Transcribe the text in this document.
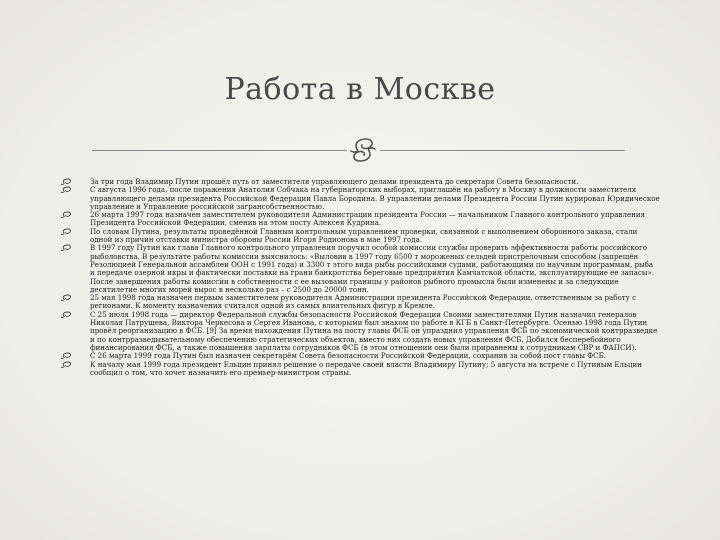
Работа в Москве
За три года Владимир Путин прошёл путь от заместителя управляющего делами президента до секретаря Совета безопасности.
С августа 1996 года, после поражения Анатолия Собчака на губернаторских выборах, приглашён на работу в Москву в должности заместителя управляющего делами президента Российской Федерации Павла Бородина. В управлении делами Президента России Путин курировал Юридическое управление и Управление российской загрансобственностью.
26 марта 1997 года назначен заместителем руководителя Администрации президента России — начальником Главного контрольного управления Президента Российской Федерации, сменив на этом посту Алексея Кудрина.
По словам Путина, результаты проведённой Главным контрольным управлением проверки, связанной с выполнением оборонного заказа, стали одной из причин отставки министра обороны России Игоря Родионова в мае 1997 года.
В 1997 году Путин как глава Главного контрольного управления поручил особой комиссии службы проверить эффективности работы российского рыболовства. В результате работы комиссии выяснилось: «Выловив в 1997 году 6500 т мороженых сельдей пристрелочным способом (запрещён Резолюцией Генеральной ассамблеи ООН с 1991 года) и 3300 т этого вида рыбы российскими судами, работающими по научным программам, рыба и передаче озерной икры и фактически поставки на грани банкротства береговые предприятия Камчатской области, эксплуатирующие ее запасы». После завершения работы комиссии в собственности с ее вызовами границы у районов рыбного промысла были изменены и за следующие десятилетие многих морей вырос в несколько раз – с 2500 до 20000 тонн.
25 мая 1998 года назначен первым заместителем руководителя Администрации президента Российской Федерации, ответственным за работу с регионами. К моменту назначения считался одной из самых влиятельных фигур в Кремле.
С 25 июля 1998 года — директор Федеральной службы безопасности Российской Федерации Своими заместителями Путин назначил генералов Николая Патрушева, Виктора Черкесова и Сергея Иванова, с которыми был знаком по работе в КГБ в Санкт-Петербурге. Осенью 1998 года Путин провёл реорганизацию в ФСБ. [9] За время нахождения Путина на посту главы ФСБ он упразднил управления ФСБ по экономической контрразведке и по контрразведывательному обеспечению стратегических объектов, вместо них создать новых управления ФСБ. Добился бесперебойного финансирования ФСБ, а также повышения зарплаты сотрудников ФСБ (в этом отношении они были приравнены к сотрудникам СВР и ФАПСИ).
С 26 марта 1999 года Путин был назначен секретарём Совета безопасности Российской Федерации, сохранив за собой пост главы ФСБ.
К началу мая 1999 года президент Ельцин принял решение о передаче своей власти Владимиру Путину; 5 августа на встрече с Путиным Ельцин сообщил о том, что хочет назначить его премьер-министром страны.
